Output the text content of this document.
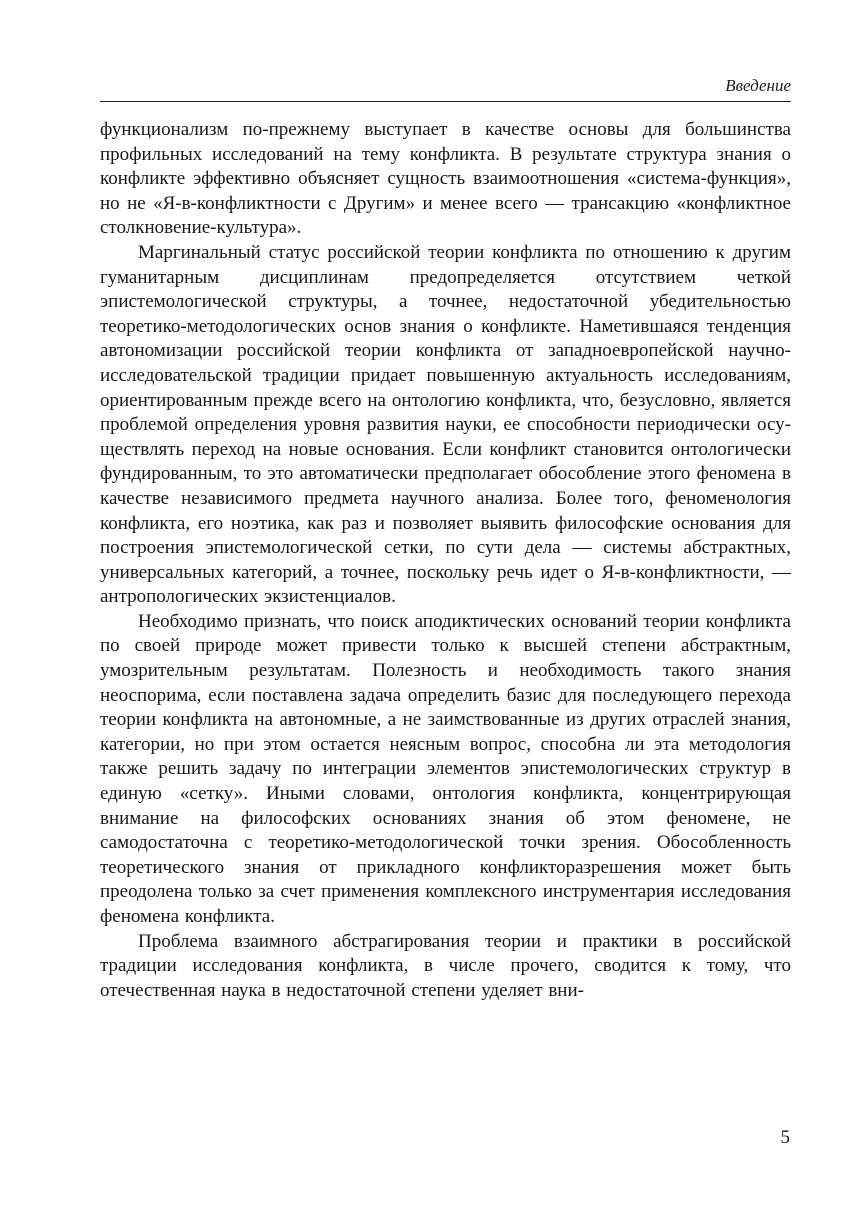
Введение

функционализм по-прежнему выступает в качестве основы для большинства профильных исследований на тему конфликта. В результате структура знания о конфликте эффективно объясняет сущность взаимоотношения «система-функция», но не «Я-в-конфликтности с Другим» и менее всего — трансакцию «конфликтное столкновение-культура».

Маргинальный статус российской теории конфликта по отношению к другим гуманитарным дисциплинам предопределяется отсутствием четкой эпистемологической структуры, а точнее, недостаточной убедительностью теоретико-методологических основ знания о конфликте. Наметившаяся тенденция автономизации российской теории конфликта от западноевропейской научно-исследовательской традиции придает повышенную актуальность исследованиям, ориентированным прежде всего на онтологию конфликта, что, безусловно, является проблемой определения уровня развития науки, ее способности периодически осуществлять переход на новые основания. Если конфликт становится онтологически фундированным, то это автоматически предполагает обособление этого феномена в качестве независимого предмета научного анализа. Более того, феноменология конфликта, его ноэтика, как раз и позволяет выявить философские основания для построения эпистемологической сетки, по сути дела — системы абстрактных, универсальных категорий, а точнее, поскольку речь идет о Я-в-конфликтности, — антропологических экзистенциалов.

Необходимо признать, что поиск аподиктических оснований теории конфликта по своей природе может привести только к высшей степени абстрактным, умозрительным результатам. Полезность и необходимость такого знания неоспорима, если поставлена задача определить базис для последующего перехода теории конфликта на автономные, а не заимствованные из других отраслей знания, категории, но при этом остается неясным вопрос, способна ли эта методология также решить задачу по интеграции элементов эпистемологических структур в единую «сетку». Иными словами, онтология конфликта, концентрирующая внимание на философских основаниях знания об этом феномене, не самодостаточна с теоретико-методологической точки зрения. Обособленность теоретического знания от прикладного конфликторазрешения может быть преодолена только за счет применения комплексного инструментария исследования феномена конфликта.

Проблема взаимного абстрагирования теории и практики в российской традиции исследования конфликта, в числе прочего, сводится к тому, что отечественная наука в недостаточной степени уделяет вни-

5
